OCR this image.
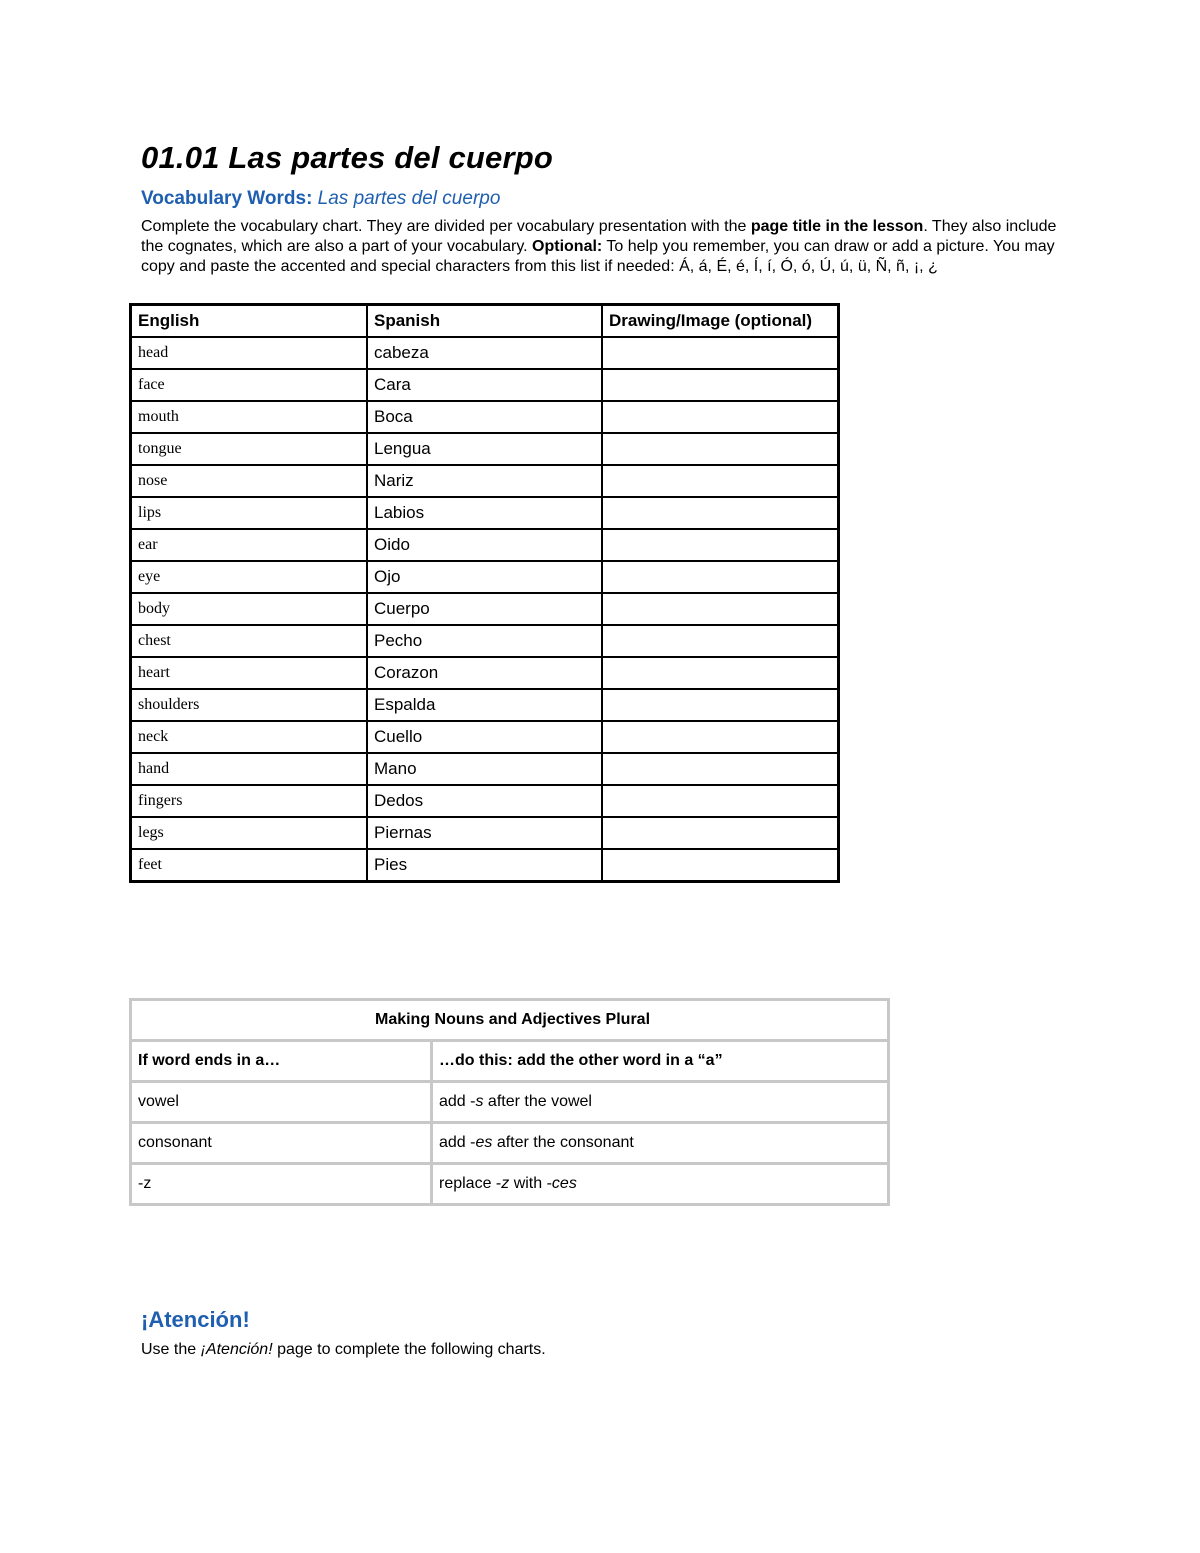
01.01 Las partes del cuerpo
Vocabulary Words: Las partes del cuerpo
Complete the vocabulary chart. They are divided per vocabulary presentation with the page title in the lesson. They also include the cognates, which are also a part of your vocabulary. Optional: To help you remember, you can draw or add a picture. You may copy and paste the accented and special characters from this list if needed: Á, á, É, é, Í, í, Ó, ó, Ú, ú, ü, Ñ, ñ, ¡, ¿
English	Spanish	Drawing/Image (optional)
head	cabeza	
face	Cara	
mouth	Boca	
tongue	Lengua	
nose	Nariz	
lips	Labios	
ear	Oido	
eye	Ojo	
body	Cuerpo	
chest	Pecho	
heart	Corazon	
shoulders	Espalda	
neck	Cuello	
hand	Mano	
fingers	Dedos	
legs	Piernas	
feet	Pies	
Making Nouns and Adjectives Plural	
If word ends in a…	…do this: add the other word in a “a”
vowel	add -s after the vowel
consonant	add -es after the consonant
-z	replace -z with -ces
¡Atención!
Use the ¡Atención! page to complete the following charts.
